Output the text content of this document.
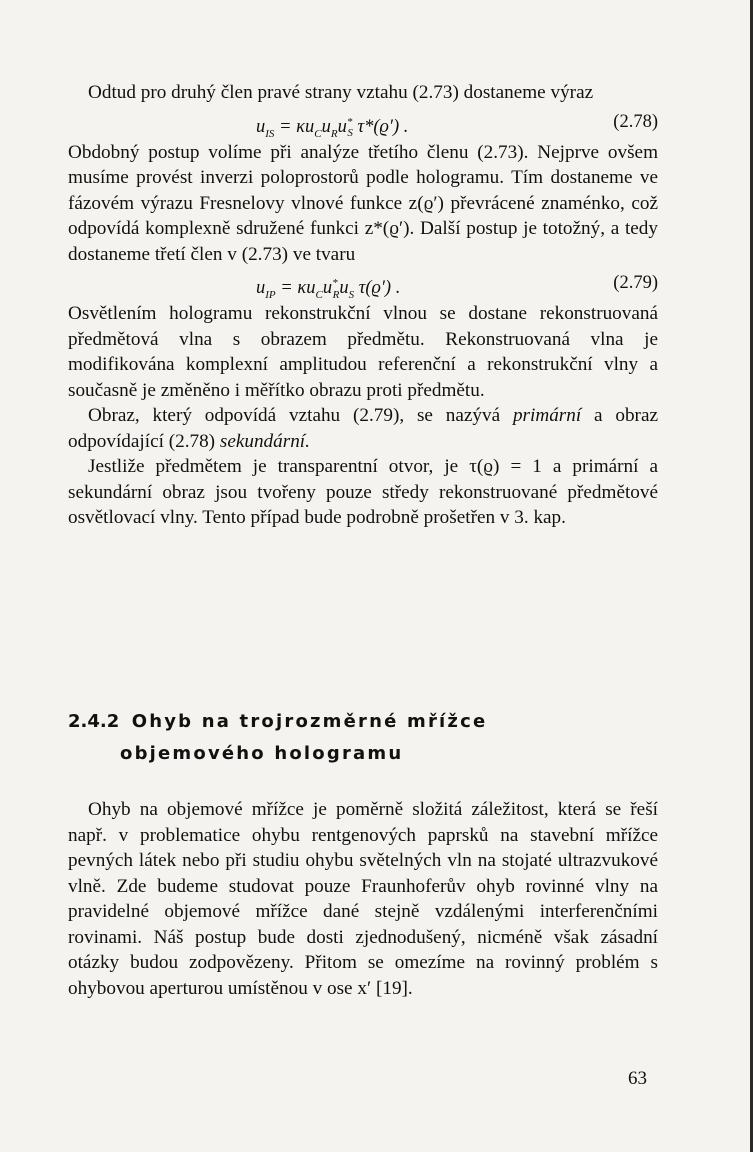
Odtud pro druhý člen pravé strany vztahu (2.73) dostaneme výraz

$u_{IS} = \kappa u_Cu_Ru^*_S$ τ*(ϱ′) .	(2.78)

Obdobný postup volíme při analýze třetího členu (2.73). Nejprve ovšem musíme provést inverzi poloprostorů podle hologramu. Tím dostaneme ve fázovém výrazu Fresnelovy vlnové funkce z(ϱ′) převrácené znaménko, což odpovídá komplexně sdružené funkci z*(ϱ′). Další postup je totožný, a tedy dostaneme třetí člen v (2.73) ve tvaru

$u_{IP} = \kappa u_Cu^*_Ru_S$ τ(ϱ′) .	(2.79)

Osvětlením hologramu rekonstrukční vlnou se dostane rekonstruovaná předmětová vlna s obrazem předmětu. Rekonstruovaná vlna je modifikována komplexní amplitudou referenční a rekonstrukční vlny a současně je změněno i měřítko obrazu proti předmětu.

Obraz, který odpovídá vztahu (2.79), se nazývá primární a obraz odpovídající (2.78) sekundární.

Jestliže předmětem je transparentní otvor, je τ(ϱ) = 1 a primární a sekundární obraz jsou tvořeny pouze středy rekonstruované předmětové osvětlovací vlny. Tento případ bude podrobně prošetřen v 3. kap.

2.4.2 Ohyb na trojrozměrné mřížce
objemového hologramu

Ohyb na objemové mřížce je poměrně složitá záležitost, která se řeší např. v problematice ohybu rentgenových paprsků na stavební mřížce pevných látek nebo při studiu ohybu světelných vln na stojaté ultrazvukové vlně. Zde budeme studovat pouze Fraunhoferův ohyb rovinné vlny na pravidelné objemové mřížce dané stejně vzdálenými interferenčními rovinami. Náš postup bude dosti zjednodušený, nicméně však zásadní otázky budou zodpovězeny. Přitom se omezíme na rovinný problém s ohybovou aperturou umístěnou v ose x′ [19].

63
